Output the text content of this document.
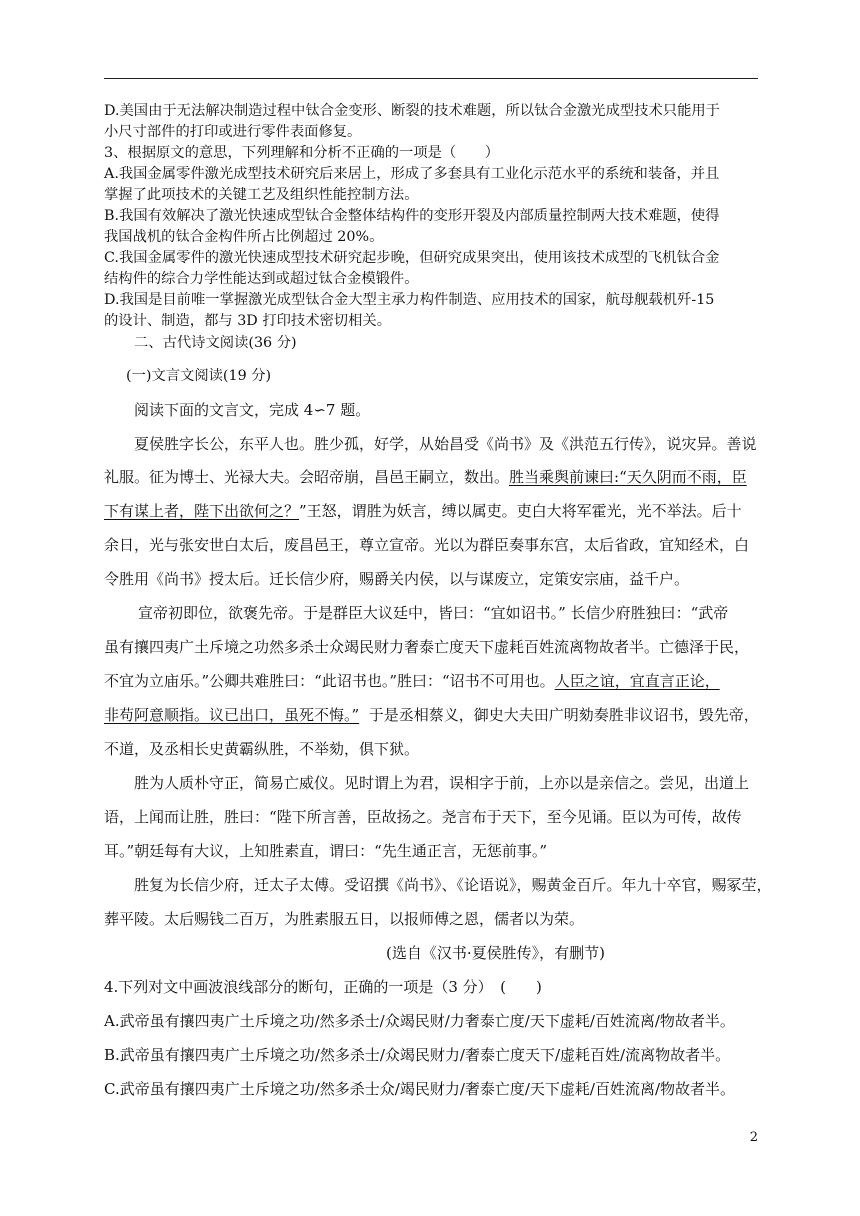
D.美国由于无法解决制造过程中钛合金变形、断裂的技术难题，所以钛合金激光成型技术只能用于
小尺寸部件的打印或进行零件表面修复。
3、根据原文的意思，下列理解和分析不正确的一项是（　　）
A.我国金属零件激光成型技术研究后来居上，形成了多套具有工业化示范水平的系统和装备，并且
掌握了此项技术的关键工艺及组织性能控制方法。
B.我国有效解决了激光快速成型钛合金整体结构件的变形开裂及内部质量控制两大技术难题，使得
我国战机的钛合金构件所占比例超过 20%。
C.我国金属零件的激光快速成型技术研究起步晚，但研究成果突出，使用该技术成型的飞机钛合金
结构件的综合力学性能达到或超过钛合金模锻件。
D.我国是目前唯一掌握激光成型钛合金大型主承力构件制造、应用技术的国家，航母舰载机歼-15
的设计、制造，都与 3D 打印技术密切相关。
二、古代诗文阅读(36 分)
(一)文言文阅读(19 分)
阅读下面的文言文，完成 4∽7 题。
夏侯胜字长公，东平人也。胜少孤，好学，从始昌受《尚书》及《洪范五行传》，说灾异。善说
礼服。征为博士、光禄大夫。会昭帝崩，昌邑王嗣立，数出。胜当乘舆前谏曰:“天久阴而不雨，臣
下有谋上者，陛下出欲何之？”王怒，谓胜为妖言，缚以属吏。吏白大将军霍光，光不举法。后十
余日，光与张安世白太后，废昌邑王，尊立宣帝。光以为群臣奏事东宫，太后省政，宜知经术，白
令胜用《尚书》授太后。迁长信少府，赐爵关内侯，以与谋废立，定策安宗庙，益千户。
宣帝初即位，欲褒先帝。于是群臣大议廷中，皆曰：“宜如诏书。” 长信少府胜独曰：“武帝
虽有攘四夷广土斥境之功然多杀士众竭民财力奢泰亡度天下虚耗百姓流离物故者半。亡德泽于民，
不宜为立庙乐。”公卿共难胜曰：“此诏书也。”胜曰：“诏书不可用也。人臣之谊，宜直言正论，
非苟阿意顺指。议已出口，虽死不悔。” 于是丞相蔡义，御史大夫田广明劾奏胜非议诏书，毁先帝，
不道，及丞相长史黄霸纵胜，不举劾，俱下狱。
胜为人质朴守正，简易亡威仪。见时谓上为君，误相字于前，上亦以是亲信之。尝见，出道上
语，上闻而让胜，胜曰：“陛下所言善，臣故扬之。尧言布于天下，至今见诵。臣以为可传，故传
耳。”朝廷每有大议，上知胜素直，谓曰：“先生通正言，无惩前事。”
胜复为长信少府，迁太子太傅。受诏撰《尚书》、《论语说》，赐黄金百斤。年九十卒官，赐冢茔，
葬平陵。太后赐钱二百万，为胜素服五日，以报师傅之恩，儒者以为荣。
(选自《汉书·夏侯胜传》，有删节)
4.下列对文中画波浪线部分的断句，正确的一项是（3 分）　(　　)
A.武帝虽有攘四夷广土斥境之功/然多杀士/众竭民财/力奢泰亡度/天下虚耗/百姓流离/物故者半。
B.武帝虽有攘四夷广土斥境之功/然多杀士/众竭民财力/奢泰亡度天下/虚耗百姓/流离物故者半。
C.武帝虽有攘四夷广土斥境之功/然多杀士众/竭民财力/奢泰亡度/天下虚耗/百姓流离/物故者半。
2
